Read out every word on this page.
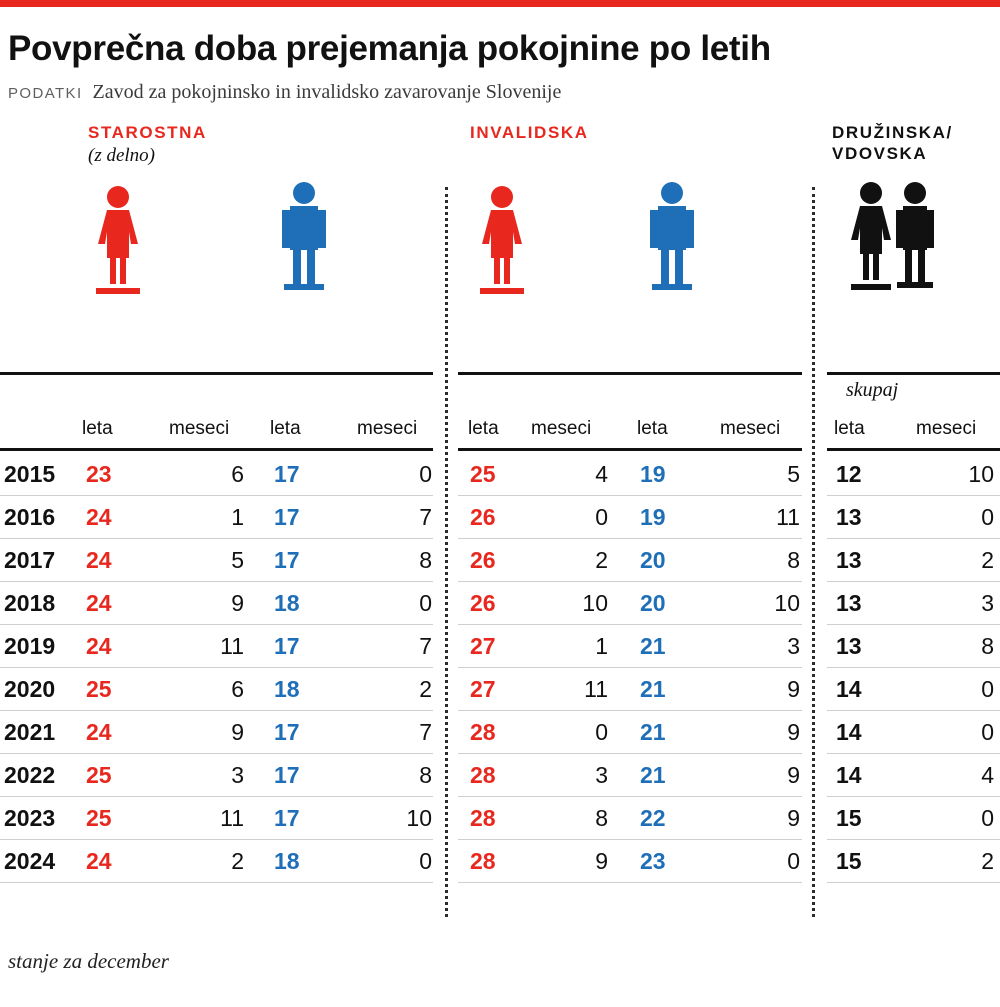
Povprečna doba prejemanja pokojnine po letih
PODATKI Zavod za pokojninsko in invalidsko zavarovanje Slovenije
STAROSTNA
(z delno)
INVALIDSKA	DRUŽINSKA/
VDOVSKA
skupaj
leta	meseci leta	meseci	leta meseci leta	meseci	leta	meseci
2015	23	6 17	0 25	4 19	5 12	10
2016	24	1 17	7 26	0 19	11 13	0
2017	24	5 17	8 26	2 20	8 13	2
2018	24	9 18	0 26	10 20	10 13	3
2019	24	11 17	7 27	1 21	3 13	8
2020	25	6 18	2 27	11 21	9 14	0
2021	24	9 17	7 28	0 21	9 14	0
2022	25	3 17	8 28	3 21	9 14	4
2023	25	11 17	10 28	8 22	9 15	0
2024	24	2 18	0 28	9 23	0 15	2
stanje za december
